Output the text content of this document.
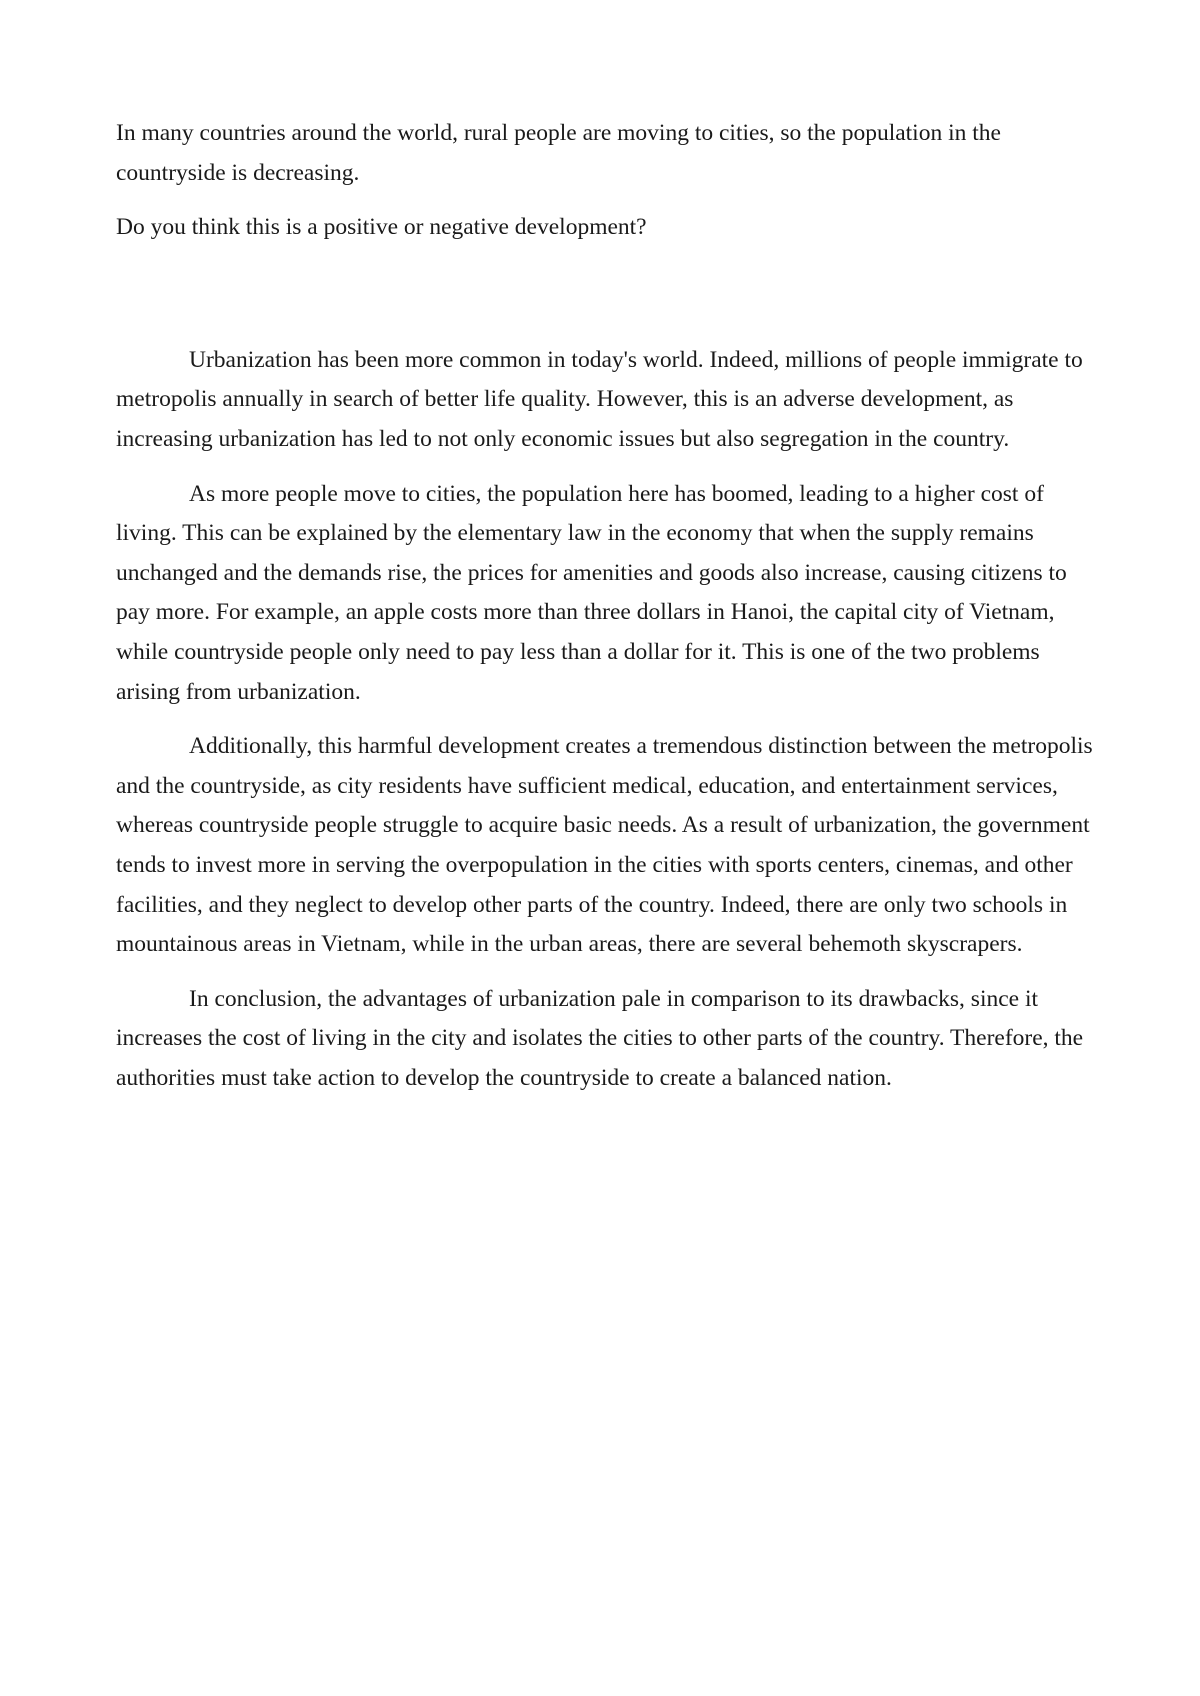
In many countries around the world, rural people are moving to cities, so the population in the countryside is decreasing.

Do you think this is a positive or negative development?

Urbanization has been more common in today's world. Indeed, millions of people immigrate to metropolis annually in search of better life quality. However, this is an adverse development, as increasing urbanization has led to not only economic issues but also segregation in the country.

As more people move to cities, the population here has boomed, leading to a higher cost of living. This can be explained by the elementary law in the economy that when the supply remains unchanged and the demands rise, the prices for amenities and goods also increase, causing citizens to pay more. For example, an apple costs more than three dollars in Hanoi, the capital city of Vietnam, while countryside people only need to pay less than a dollar for it. This is one of the two problems arising from urbanization.

Additionally, this harmful development creates a tremendous distinction between the metropolis and the countryside, as city residents have sufficient medical, education, and entertainment services, whereas countryside people struggle to acquire basic needs. As a result of urbanization, the government tends to invest more in serving the overpopulation in the cities with sports centers, cinemas, and other facilities, and they neglect to develop other parts of the country. Indeed, there are only two schools in mountainous areas in Vietnam, while in the urban areas, there are several behemoth skyscrapers.

In conclusion, the advantages of urbanization pale in comparison to its drawbacks, since it increases the cost of living in the city and isolates the cities to other parts of the country. Therefore, the authorities must take action to develop the countryside to create a balanced nation.
